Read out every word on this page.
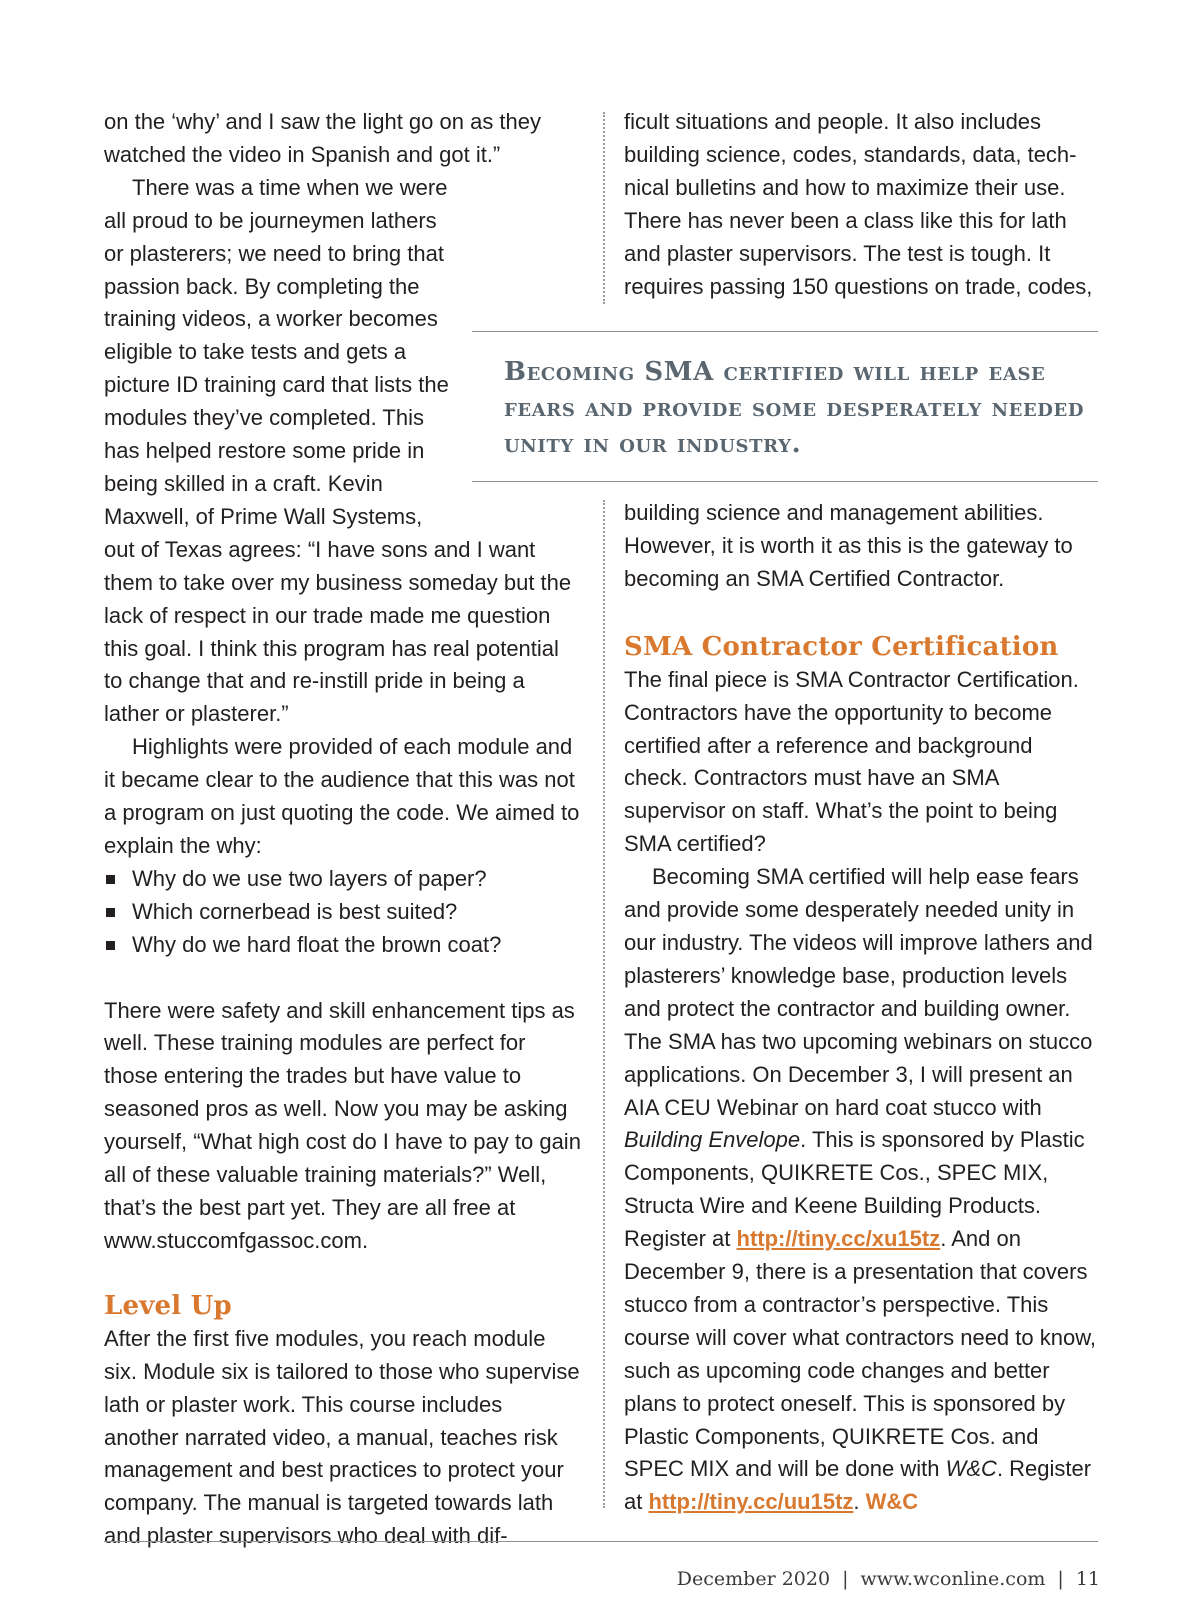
on the ‘why’ and I saw the light go on as they watched the video in Spanish and got it.”

There was a time when we were all proud to be journeymen lathers or plasterers; we need to bring that passion back. By completing the training videos, a worker becomes eligible to take tests and gets a picture ID training card that lists the modules they’ve completed. This has helped restore some pride in being skilled in a craft. Kevin Maxwell, of Prime Wall Systems, out of Texas agrees: “I have sons and I want them to take over my business someday but the lack of respect in our trade made me question this goal. I think this program has real potential to change that and re-instill pride in being a lather or plasterer.”

Highlights were provided of each module and it became clear to the audience that this was not a program on just quoting the code. We aimed to explain the why:

Why do we use two layers of paper?
Which cornerbead is best suited?
Why do we hard float the brown coat?

There were safety and skill enhancement tips as well. These training modules are perfect for those entering the trades but have value to seasoned pros as well. Now you may be asking yourself, “What high cost do I have to pay to gain all of these valuable training materials?” Well, that’s the best part yet. They are all free at www.stuccomfgassoc.com.

Level Up

After the first five modules, you reach module six. Module six is tailored to those who supervise lath or plaster work. This course includes another narrated video, a manual, teaches risk management and best practices to protect your company. The manual is targeted towards lath and plaster supervisors who deal with dif-

ficult situations and people. It also includes building science, codes, standards, data, technical bulletins and how to maximize their use. There has never been a class like this for lath and plaster supervisors. The test is tough. It requires passing 150 questions on trade, codes,

Becoming SMA certified will help ease fears and provide some desperately needed unity in our industry.

building science and management abilities. However, it is worth it as this is the gateway to becoming an SMA Certified Contractor.

SMA Contractor Certification

The final piece is SMA Contractor Certification. Contractors have the opportunity to become certified after a reference and background check. Contractors must have an SMA supervisor on staff. What’s the point to being SMA certified?

Becoming SMA certified will help ease fears and provide some desperately needed unity in our industry. The videos will improve lathers and plasterers’ knowledge base, production levels and protect the contractor and building owner. The SMA has two upcoming webinars on stucco applications. On December 3, I will present an AIA CEU Webinar on hard coat stucco with Building Envelope. This is sponsored by Plastic Components, QUIKRETE Cos., SPEC MIX, Structa Wire and Keene Building Products. Register at http://tiny.cc/xu15tz. And on December 9, there is a presentation that covers stucco from a contractor’s perspective. This course will cover what contractors need to know, such as upcoming code changes and better plans to protect oneself. This is sponsored by Plastic Components, QUIKRETE Cos. and SPEC MIX and will be done with W&C. Register at http://tiny.cc/uu15tz. W&C

December 2020 | www.wconline.com | 11
